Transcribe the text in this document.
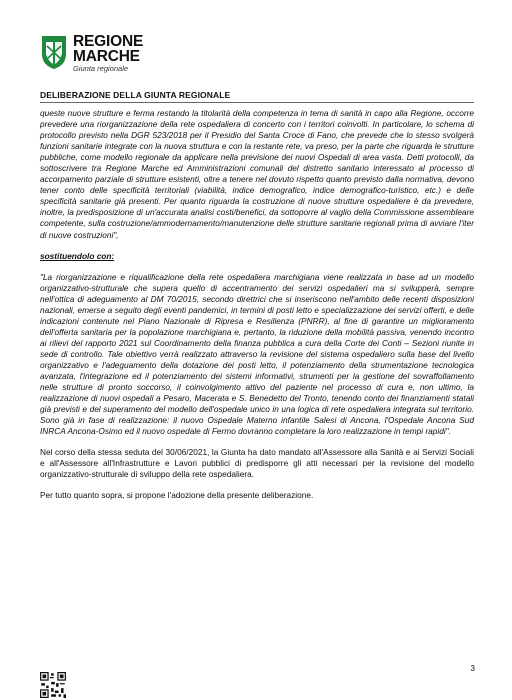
REGIONE
MARCHE
Giunta regionale
DELIBERAZIONE DELLA GIUNTA REGIONALE

queste nuove strutture e ferma restando la titolarità della competenza in tema di sanità in capo alla Regione, occorre prevedere una riorganizzazione della rete ospedaliera di concerto con i territori coinvolti. In particolare, lo schema di protocollo previsto nella DGR 523/2018 per il Presidio del Santa Croce di Fano, che prevede che lo stesso svolgerà funzioni sanitarie integrate con la nuova struttura e con la restante rete, va preso, per la parte che riguarda le strutture pubbliche, come modello regionale da applicare nella previsione dei nuovi Ospedali di area vasta. Detti protocolli, da sottoscrivere tra Regione Marche ed Amministrazioni comunali del distretto sanitario interessato al processo di accorpamento parziale di strutture esistenti, oltre a tenere nel dovuto rispetto quanto previsto dalla normativa, devono tener conto delle specificità territoriali (viabilità, indice demografico, indice demografico-turistico, etc.) e delle specificità sanitarie già presenti. Per quanto riguarda la costruzione di nuove strutture ospedaliere è da prevedere, inoltre, la predisposizione di un'accurata analisi costi/benefici, da sottoporre al vaglio della Commissione assembleare competente, sulla costruzione/ammodernamento/manutenzione delle strutture sanitarie regionali prima di avviare l'iter di nuove costruzioni",

sostituendolo con:

"La riorganizzazione e riqualificazione della rete ospedaliera marchigiana viene realizzata in base ad un modello organizzativo-strutturale che supera quello di accentramento dei servizi ospedalieri ma si svilupperà, sempre nell'ottica di adeguamento al DM 70/2015, secondo direttrici che si inseriscono nell'ambito delle recenti disposizioni nazionali, emerse a seguito degli eventi pandemici, in termini di posti letto e specializzazione dei servizi offerti, e delle indicazioni contenute nel Piano Nazionale di Ripresa e Resilienza (PNRR), al fine di garantire un miglioramento dell'offerta sanitaria per la popolazione marchigiana e, pertanto, la riduzione della mobilità passiva, venendo incontro ai rilievi del rapporto 2021 sul Coordinamento della finanza pubblica a cura della Corte dei Conti – Sezioni riunite in sede di controllo. Tale obiettivo verrà realizzato attraverso la revisione del sistema ospedaliero sulla base del livello organizzativo e l'adeguamento della dotazione dei posti letto, il potenziamento della strumentazione tecnologica avanzata, l'integrazione ed il potenziamento dei sistemi informativi, strumenti per la gestione del sovraffollamento nelle strutture di pronto soccorso, il coinvolgimento attivo del paziente nel processo di cura e, non ultimo, la realizzazione di nuovi ospedali a Pesaro, Macerata e S. Benedetto del Tronto, tenendo conto dei finanziamenti statali già previsti e del superamento del modello dell'ospedale unico in una logica di rete ospedaliera integrata sul territorio. Sono già in fase di realizzazione: il nuovo Ospedale Materno infantile Salesi di Ancona, l'Ospedale Ancona Sud INRCA Ancona-Osimo ed il nuovo ospedale di Fermo dovranno completare la loro realizzazione in tempi rapidi".

Nel corso della stessa seduta del 30/06/2021, la Giunta ha dato mandato all'Assessore alla Sanità e ai Servizi Sociali e all'Assessore all'Infrastrutture e Lavori pubblici di predisporre gli atti necessari per la revisione del modello organizzativo-strutturale di sviluppo della rete ospedaliera.

Per tutto quanto sopra, si propone l'adozione della presente deliberazione.

3
